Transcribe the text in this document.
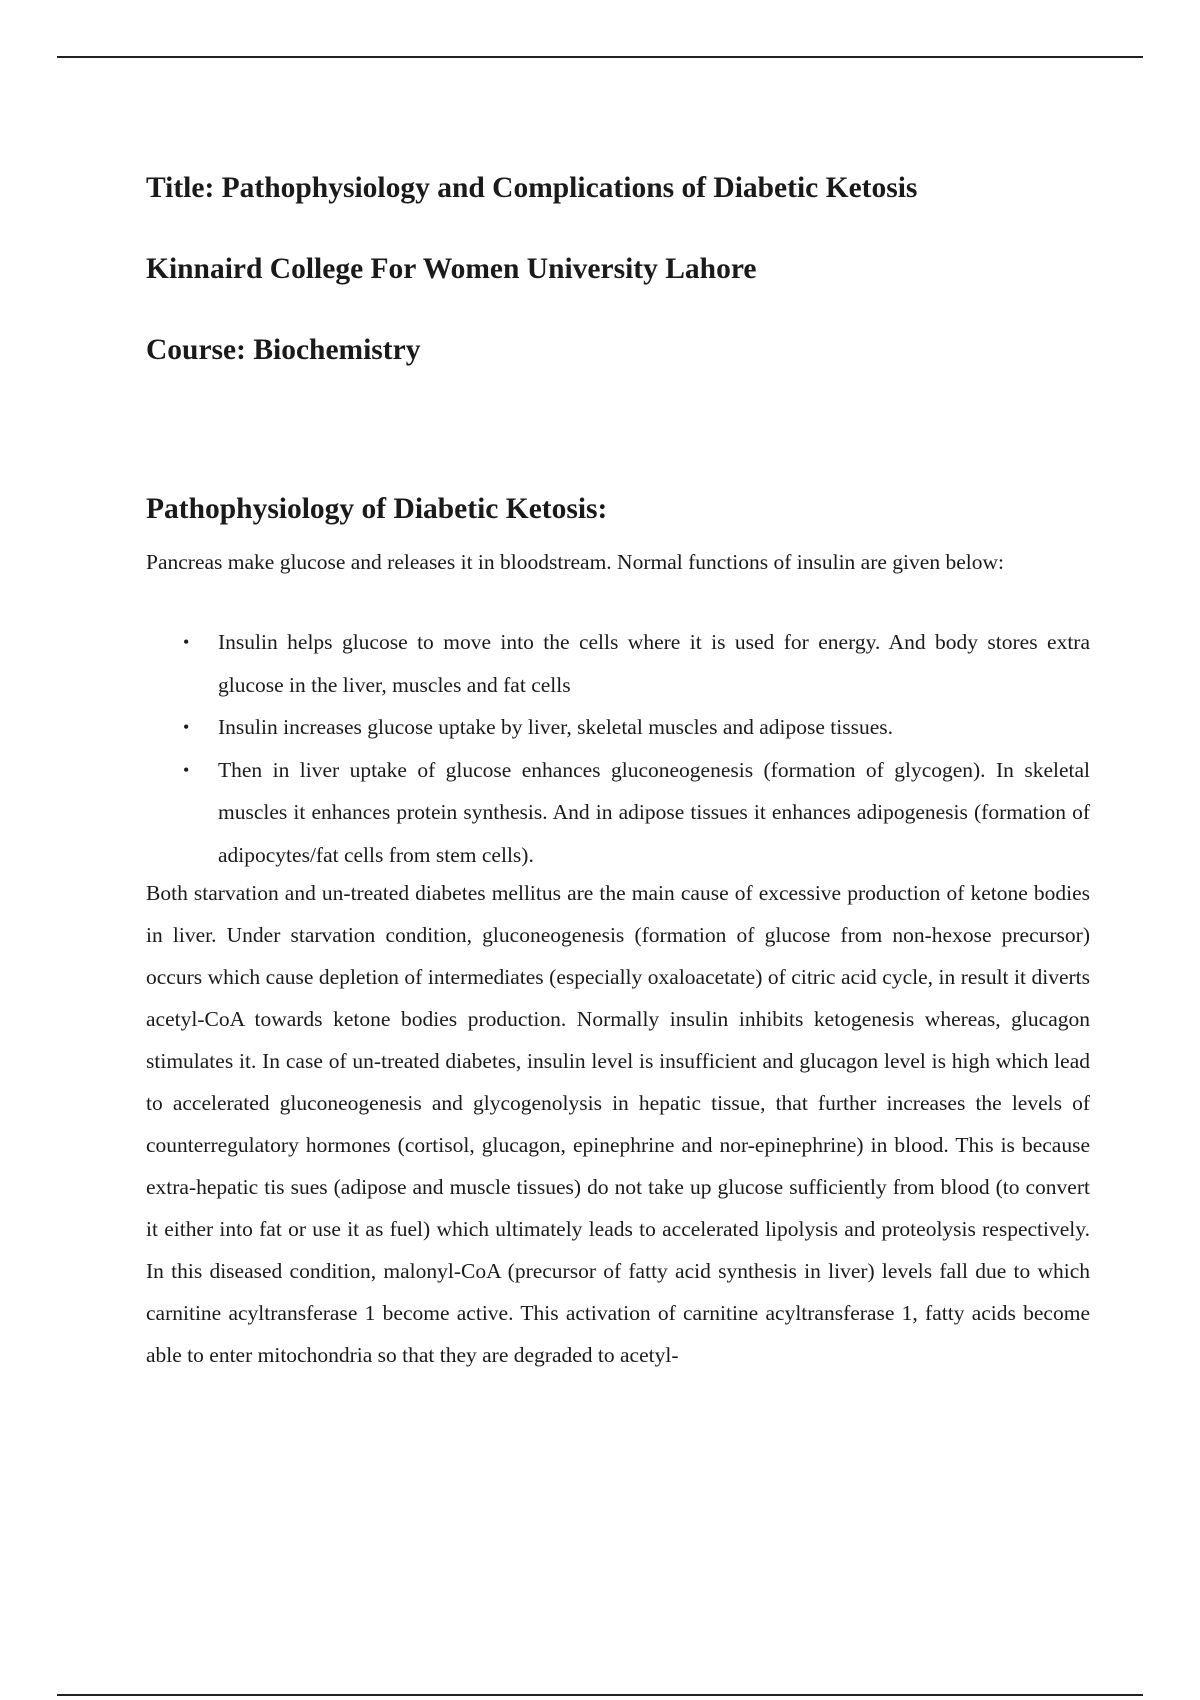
Title: Pathophysiology and Complications of Diabetic Ketosis
Kinnaird College For Women University Lahore
Course: Biochemistry
Pathophysiology of Diabetic Ketosis:

Pancreas make glucose and releases it in bloodstream. Normal functions of insulin are given below:

• Insulin helps glucose to move into the cells where it is used for energy. And body stores extra glucose in the liver, muscles and fat cells
• Insulin increases glucose uptake by liver, skeletal muscles and adipose tissues.
• Then in liver uptake of glucose enhances gluconeogenesis (formation of glycogen). In skeletal muscles it enhances protein synthesis. And in adipose tissues it enhances adipogenesis (formation of adipocytes/fat cells from stem cells).

Both starvation and un-treated diabetes mellitus are the main cause of excessive production of ketone bodies in liver. Under starvation condition, gluconeogenesis (formation of glucose from non-hexose precursor) occurs which cause depletion of intermediates (especially oxaloacetate) of citric acid cycle, in result it diverts acetyl-CoA towards ketone bodies production. Normally insulin inhibits ketogenesis whereas, glucagon stimulates it. In case of un-treated diabetes, insulin level is insufficient and glucagon level is high which lead to accelerated gluconeogenesis and glycogenolysis in hepatic tissue, that further increases the levels of counterregulatory hormones (cortisol, glucagon, epinephrine and nor-epinephrine) in blood. This is because extra-hepatic tis sues (adipose and muscle tissues) do not take up glucose sufficiently from blood (to convert it either into fat or use it as fuel) which ultimately leads to accelerated lipolysis and proteolysis respectively. In this diseased condition, malonyl-CoA (precursor of fatty acid synthesis in liver) levels fall due to which carnitine acyltransferase 1 become active. This activation of carnitine acyltransferase 1, fatty acids become able to enter mitochondria so that they are degraded to acetyl-
